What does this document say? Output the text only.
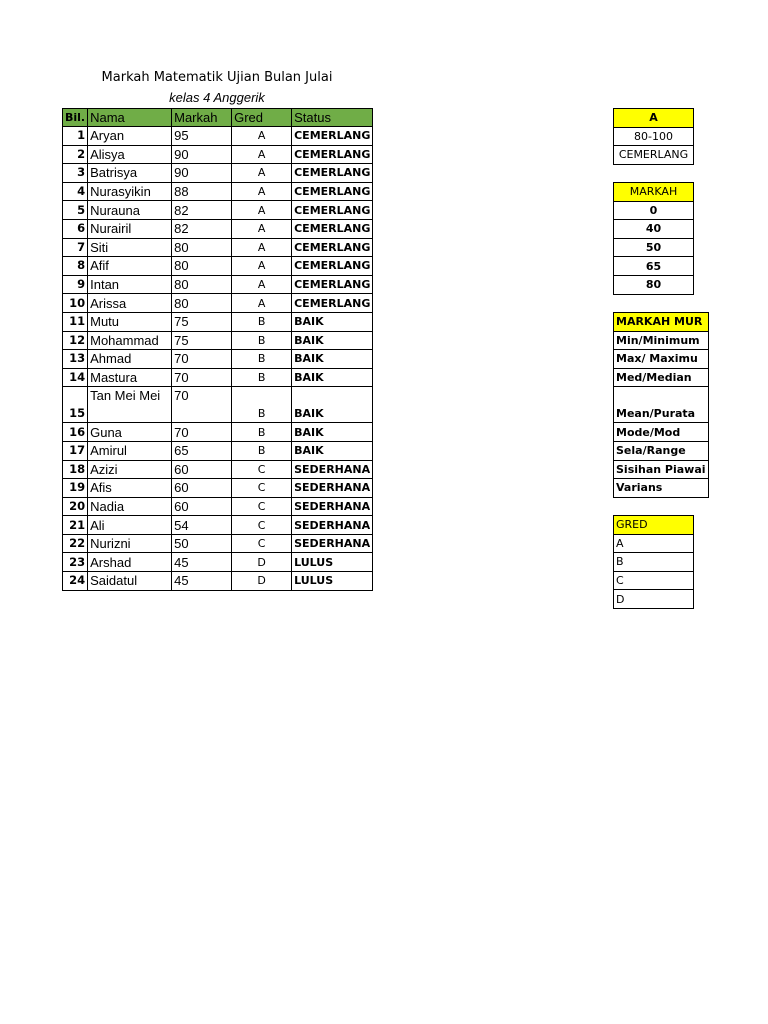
Markah Matematik Ujian Bulan Julai
kelas 4 Anggerik
Bil.	Nama	Markah	Gred	Status
1	Aryan	95	A	CEMERLANG
2	Alisya	90	A	CEMERLANG
3	Batrisya	90	A	CEMERLANG
4	Nurasyikin	88	A	CEMERLANG
5	Nurauna	82	A	CEMERLANG
6	Nurairil	82	A	CEMERLANG
7	Siti	80	A	CEMERLANG
8	Afif	80	A	CEMERLANG
9	Intan	80	A	CEMERLANG
10	Arissa	80	A	CEMERLANG
11	Mutu	75	B	BAIK
12	Mohammad	75	B	BAIK
13	Ahmad	70	B	BAIK
14	Mastura	70	B	BAIK
15	Tan Mei Mei	70	B	BAIK
16	Guna	70	B	BAIK
17	Amirul	65	B	BAIK
18	Azizi	60	C	SEDERHANA
19	Afis	60	C	SEDERHANA
20	Nadia	60	C	SEDERHANA
21	Ali	54	C	SEDERHANA
22	Nurizni	50	C	SEDERHANA
23	Arshad	45	D	LULUS
24	Saidatul	45	D	LULUS
A
80-100
CEMERLANG
MARKAH
0
40
50
65
80
MARKAH MUR
Min/Minimum
Max/ Maximu
Med/Median
Mean/Purata
Mode/Mod
Sela/Range
Sisihan Piawai
Varians
GRED
A
B
C
D
